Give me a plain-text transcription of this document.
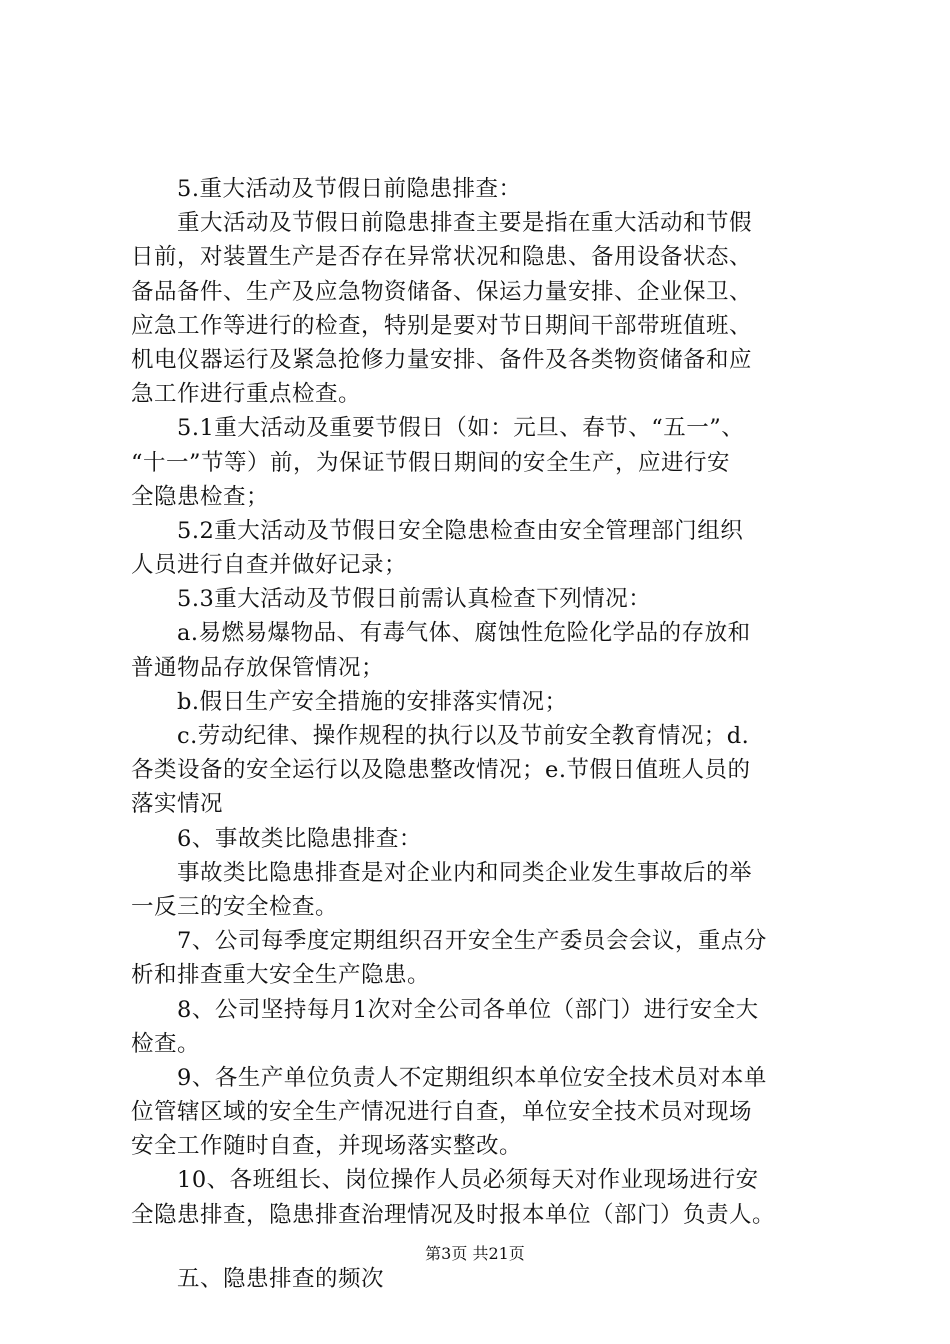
5.重大活动及节假日前隐患排查：
重大活动及节假日前隐患排查主要是指在重大活动和节假
日前，对装置生产是否存在异常状况和隐患、备用设备状态、
备品备件、生产及应急物资储备、保运力量安排、企业保卫、
应急工作等进行的检查，特别是要对节日期间干部带班值班、
机电仪器运行及紧急抢修力量安排、备件及各类物资储备和应
急工作进行重点检查。
5.1重大活动及重要节假日（如：元旦、春节、“五一”、
“十一”节等）前，为保证节假日期间的安全生产，应进行安
全隐患检查；
5.2重大活动及节假日安全隐患检查由安全管理部门组织
人员进行自查并做好记录；
5.3重大活动及节假日前需认真检查下列情况：
a.易燃易爆物品、有毒气体、腐蚀性危险化学品的存放和
普通物品存放保管情况；
b.假日生产安全措施的安排落实情况；
c.劳动纪律、操作规程的执行以及节前安全教育情况；d.
各类设备的安全运行以及隐患整改情况；e.节假日值班人员的
落实情况
6、事故类比隐患排查：
事故类比隐患排查是对企业内和同类企业发生事故后的举
一反三的安全检查。
7、公司每季度定期组织召开安全生产委员会会议，重点分
析和排查重大安全生产隐患。
8、公司坚持每月1次对全公司各单位（部门）进行安全大
检查。
9、各生产单位负责人不定期组织本单位安全技术员对本单
位管辖区域的安全生产情况进行自查，单位安全技术员对现场
安全工作随时自查，并现场落实整改。
10、各班组长、岗位操作人员必须每天对作业现场进行安
全隐患排查，隐患排查治理情况及时报本单位（部门）负责人。
五、隐患排查的频次
第3页 共21页
